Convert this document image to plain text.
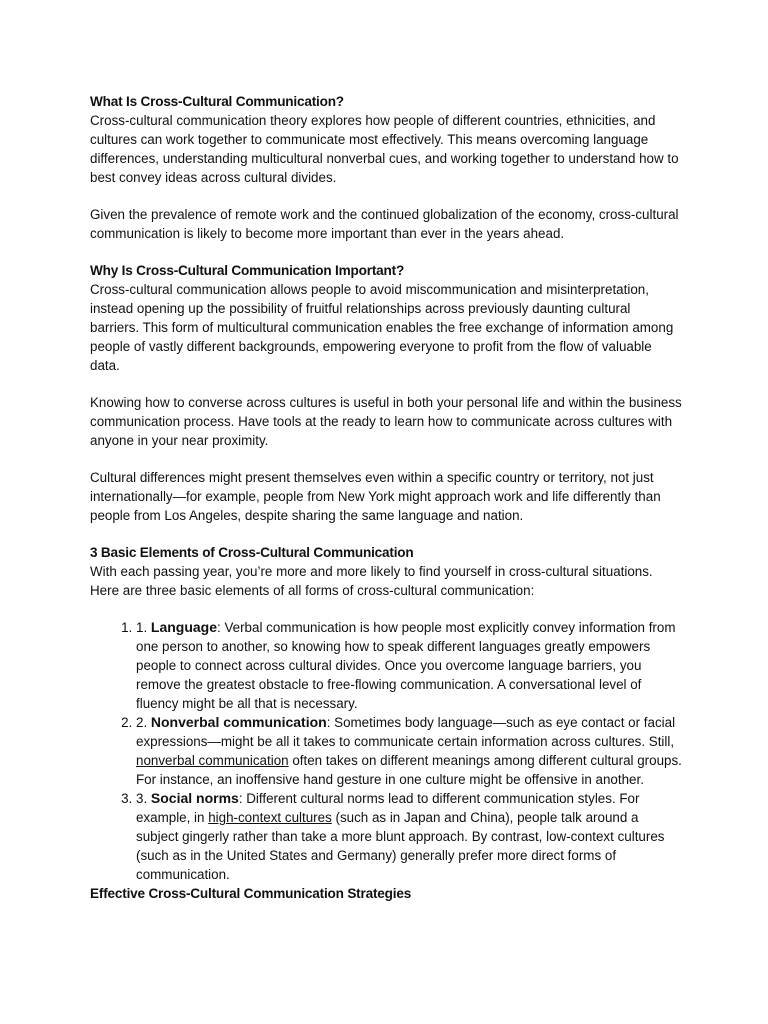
What Is Cross-Cultural Communication?

Cross-cultural communication theory explores how people of different countries, ethnicities, and cultures can work together to communicate most effectively. This means overcoming language differences, understanding multicultural nonverbal cues, and working together to understand how to best convey ideas across cultural divides.

Given the prevalence of remote work and the continued globalization of the economy, cross-cultural communication is likely to become more important than ever in the years ahead.

Why Is Cross-Cultural Communication Important?

Cross-cultural communication allows people to avoid miscommunication and misinterpretation, instead opening up the possibility of fruitful relationships across previously daunting cultural barriers. This form of multicultural communication enables the free exchange of information among people of vastly different backgrounds, empowering everyone to profit from the flow of valuable data.

Knowing how to converse across cultures is useful in both your personal life and within the business communication process. Have tools at the ready to learn how to communicate across cultures with anyone in your near proximity.

Cultural differences might present themselves even within a specific country or territory, not just internationally—for example, people from New York might approach work and life differently than people from Los Angeles, despite sharing the same language and nation.

3 Basic Elements of Cross-Cultural Communication

With each passing year, you’re more and more likely to find yourself in cross-cultural situations. Here are three basic elements of all forms of cross-cultural communication:

1. 1. Language: Verbal communication is how people most explicitly convey information from one person to another, so knowing how to speak different languages greatly empowers people to connect across cultural divides. Once you overcome language barriers, you remove the greatest obstacle to free-flowing communication. A conversational level of fluency might be all that is necessary.
2. 2. Nonverbal communication: Sometimes body language—such as eye contact or facial expressions—might be all it takes to communicate certain information across cultures. Still, nonverbal communication often takes on different meanings among different cultural groups. For instance, an inoffensive hand gesture in one culture might be offensive in another.
3. 3. Social norms: Different cultural norms lead to different communication styles. For example, in high-context cultures (such as in Japan and China), people talk around a subject gingerly rather than take a more blunt approach. By contrast, low-context cultures (such as in the United States and Germany) generally prefer more direct forms of communication.
Effective Cross-Cultural Communication Strategies
